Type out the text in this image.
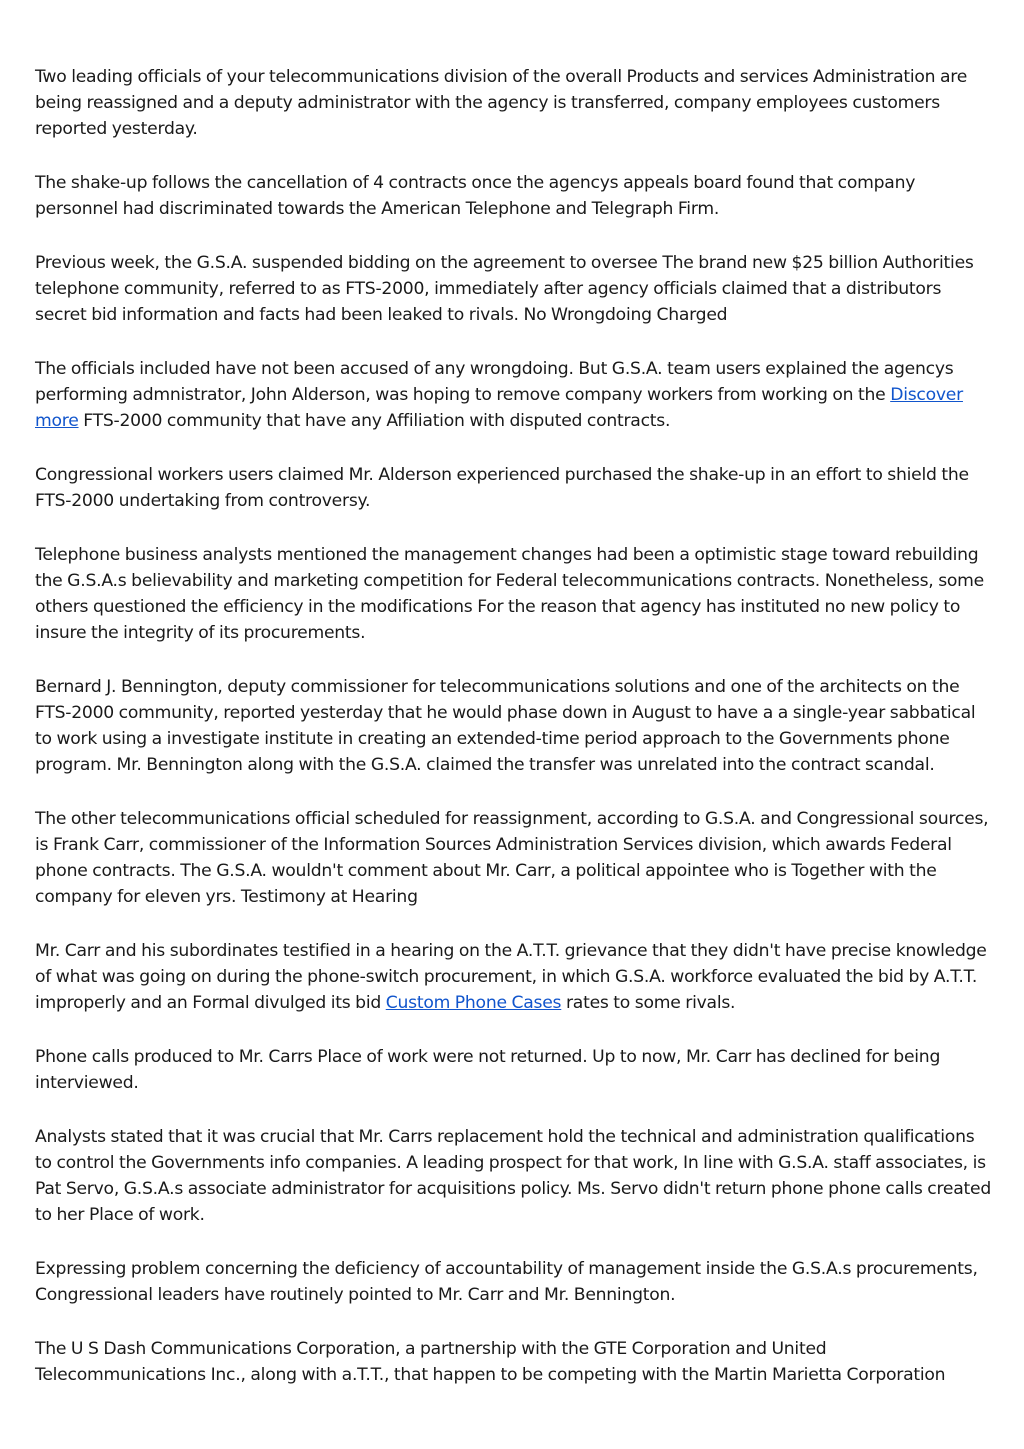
Two leading officials of your telecommunications division of the overall Products and services Administration are being reassigned and a deputy administrator with the agency is transferred, company employees customers reported yesterday.

The shake-up follows the cancellation of 4 contracts once the agencys appeals board found that company personnel had discriminated towards the American Telephone and Telegraph Firm.

Previous week, the G.S.A. suspended bidding on the agreement to oversee The brand new $25 billion Authorities telephone community, referred to as FTS-2000, immediately after agency officials claimed that a distributors secret bid information and facts had been leaked to rivals. No Wrongdoing Charged

The officials included have not been accused of any wrongdoing. But G.S.A. team users explained the agencys performing admnistrator, John Alderson, was hoping to remove company workers from working on the Discover more FTS-2000 community that have any Affiliation with disputed contracts.

Congressional workers users claimed Mr. Alderson experienced purchased the shake-up in an effort to shield the FTS-2000 undertaking from controversy.

Telephone business analysts mentioned the management changes had been a optimistic stage toward rebuilding the G.S.A.s believability and marketing competition for Federal telecommunications contracts. Nonetheless, some others questioned the efficiency in the modifications For the reason that agency has instituted no new policy to insure the integrity of its procurements.

Bernard J. Bennington, deputy commissioner for telecommunications solutions and one of the architects on the FTS-2000 community, reported yesterday that he would phase down in August to have a a single-year sabbatical to work using a investigate institute in creating an extended-time period approach to the Governments phone program. Mr. Bennington along with the G.S.A. claimed the transfer was unrelated into the contract scandal.

The other telecommunications official scheduled for reassignment, according to G.S.A. and Congressional sources, is Frank Carr, commissioner of the Information Sources Administration Services division, which awards Federal phone contracts. The G.S.A. wouldn't comment about Mr. Carr, a political appointee who is Together with the company for eleven yrs. Testimony at Hearing

Mr. Carr and his subordinates testified in a hearing on the A.T.T. grievance that they didn't have precise knowledge of what was going on during the phone-switch procurement, in which G.S.A. workforce evaluated the bid by A.T.T. improperly and an Formal divulged its bid Custom Phone Cases rates to some rivals.

Phone calls produced to Mr. Carrs Place of work were not returned. Up to now, Mr. Carr has declined for being interviewed.

Analysts stated that it was crucial that Mr. Carrs replacement hold the technical and administration qualifications to control the Governments info companies. A leading prospect for that work, In line with G.S.A. staff associates, is Pat Servo, G.S.A.s associate administrator for acquisitions policy. Ms. Servo didn't return phone phone calls created to her Place of work.

Expressing problem concerning the deficiency of accountability of management inside the G.S.A.s procurements, Congressional leaders have routinely pointed to Mr. Carr and Mr. Bennington.

The U S Dash Communications Corporation, a partnership with the GTE Corporation and United Telecommunications Inc., along with a.T.T., that happen to be competing with the Martin Marietta Corporation
